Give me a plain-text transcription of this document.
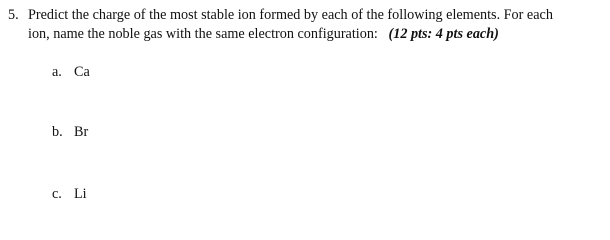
5. Predict the charge of the most stable ion formed by each of the following elements. For each
ion, name the noble gas with the same electron configuration: (12 pts: 4 pts each)
a. Ca
b. Br
c. Li
